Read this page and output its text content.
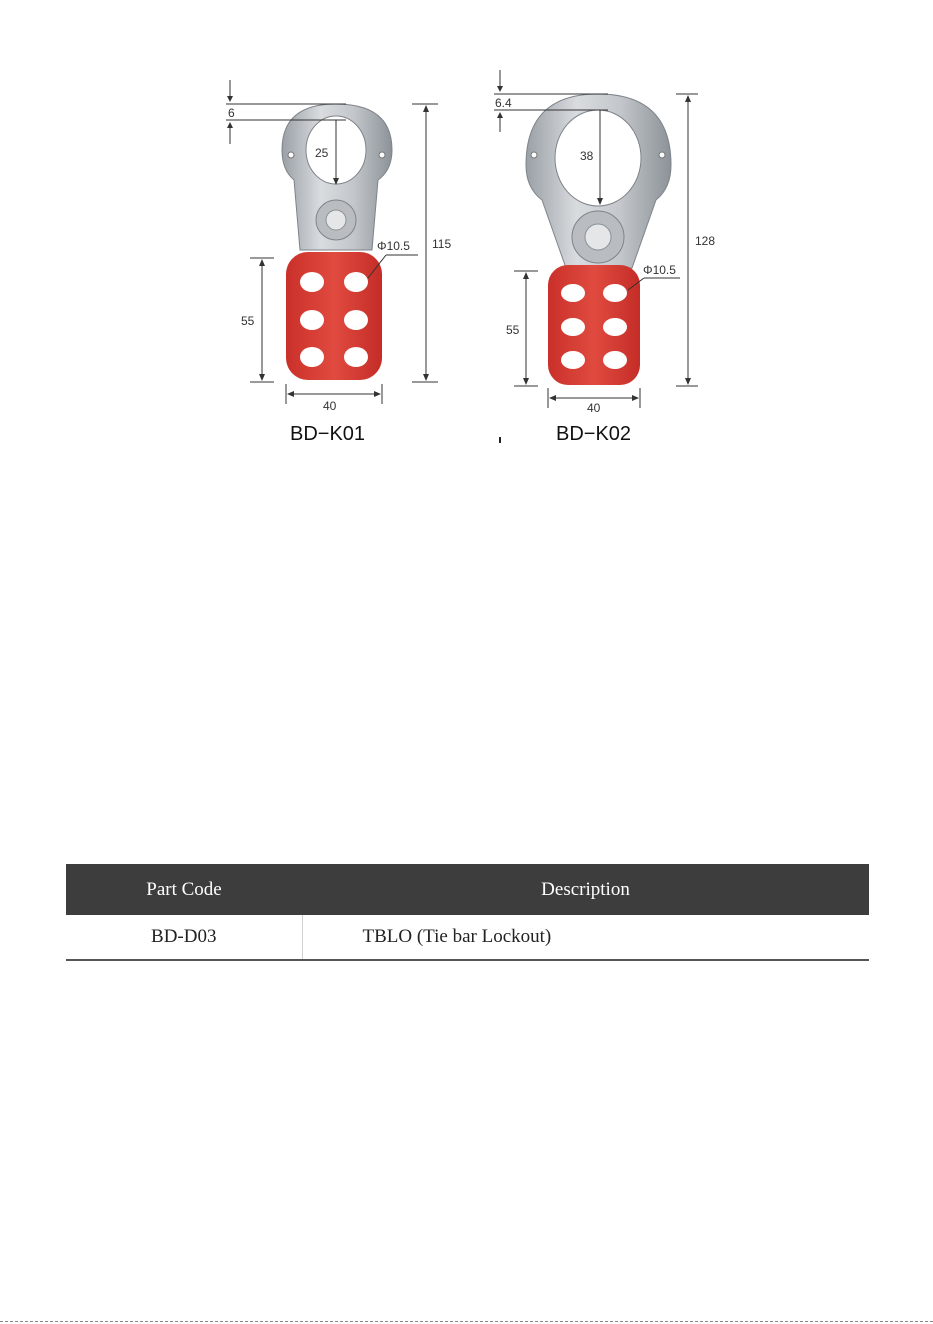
6
25
115
Φ10.5
55
40
BD−K01
6.4
38
128
Φ10.5
55
40
BD−K02
Part Code	Description
BD-D03	TBLO (Tie bar Lockout)
